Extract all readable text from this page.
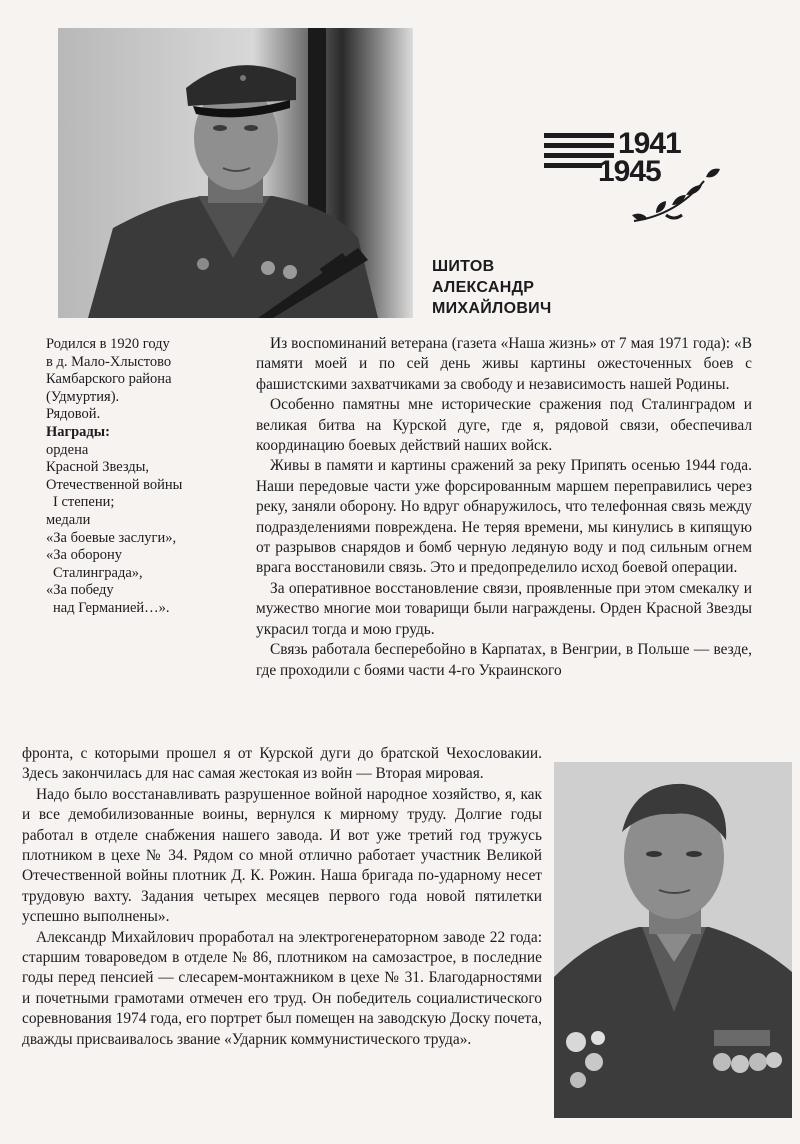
1941
1945
ШИТОВ
АЛЕКСАНДР
МИХАЙЛОВИЧ
Родился в 1920 году
в д. Мало-Хлыстово
Камбарского района
(Удмуртия).
Рядовой.
Награды:
ордена
Красной Звезды,
Отечественной войны
I степени;
медали
«За боевые заслуги»,
«За оборону
Сталинграда»,
«За победу
над Германией…».

Из воспоминаний ветерана (газета «Наша жизнь» от 7 мая 1971 года): «В памяти моей и по сей день живы картины ожесточенных боев с фашистскими захватчиками за свободу и независимость нашей Родины.

Особенно памятны мне исторические сражения под Сталинградом и великая битва на Курской дуге, где я, рядовой связи, обеспечивал координацию боевых действий наших войск.

Живы в памяти и картины сражений за реку Припять осенью 1944 года. Наши передовые части уже форсированным маршем переправились через реку, заняли оборону. Но вдруг обнаружилось, что телефонная связь между подразделениями повреждена. Не теряя времени, мы кинулись в кипящую от разрывов снарядов и бомб черную ледяную воду и под сильным огнем врага восстановили связь. Это и предопределило исход боевой операции.

За оперативное восстановление связи, проявленные при этом смекалку и мужество многие мои товарищи были награждены. Орден Красной Звезды украсил тогда и мою грудь.

Связь работала бесперебойно в Карпатах, в Венгрии, в Польше — везде, где проходили с боями части 4-го Украинского

фронта, с которыми прошел я от Курской дуги до братской Чехословакии. Здесь закончилась для нас самая жестокая из войн — Вторая мировая.

Надо было восстанавливать разрушенное войной народное хозяйство, я, как и все демобилизованные воины, вернулся к мирному труду. Долгие годы работал в отделе снабжения нашего завода. И вот уже третий год тружусь плотником в цехе № 34. Рядом со мной отлично работает участник Великой Отечественной войны плотник Д. К. Рожин. Наша бригада по-ударному несет трудовую вахту. Задания четырех месяцев первого года новой пятилетки успешно выполнены».

Александр Михайлович проработал на электрогенераторном заводе 22 года: старшим товароведом в отделе № 86, плотником на самозастрое, в последние годы перед пенсией — слесарем-монтажником в цехе № 31. Благодарностями и почетными грамотами отмечен его труд. Он победитель социалистического соревнования 1974 года, его портрет был помещен на заводскую Доску почета, дважды присваивалось звание «Ударник коммунистического труда».
